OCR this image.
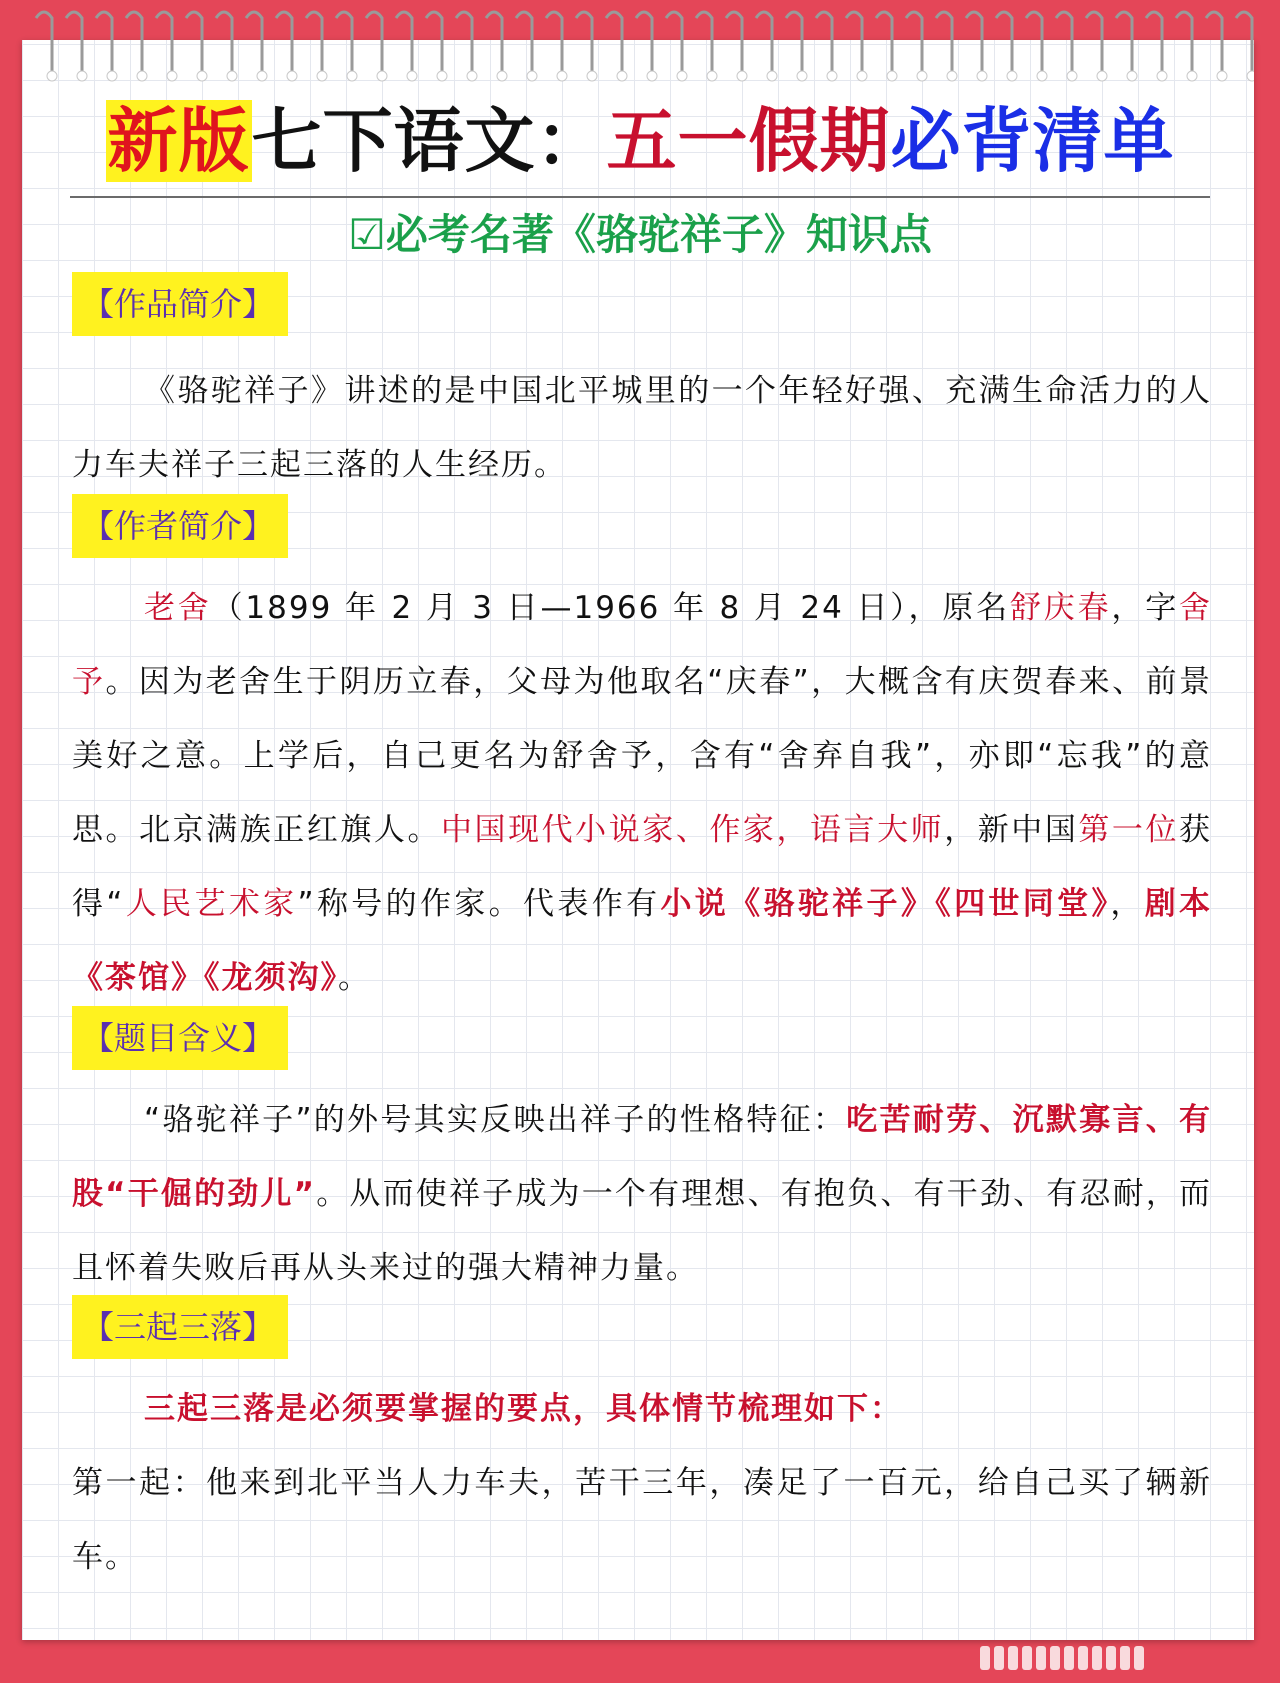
新版七下语文：五一假期必背清单
☑必考名著《骆驼祥子》知识点
【作品简介】

《骆驼祥子》讲述的是中国北平城里的一个年轻好强、充满生命活力的人力车夫祥子三起三落的人生经历。

【作者简介】

老舍（1899 年 2 月 3 日—1966 年 8 月 24 日），原名舒庆春，字舍予。因为老舍生于阴历立春，父母为他取名“庆春”，大概含有庆贺春来、前景美好之意。上学后，自己更名为舒舍予，含有“舍弃自我”，亦即“忘我”的意思。北京满族正红旗人。中国现代小说家、作家，语言大师，新中国第一位获得“人民艺术家”称号的作家。代表作有小说《骆驼祥子》《四世同堂》，剧本《茶馆》《龙须沟》。

【题目含义】

“骆驼祥子”的外号其实反映出祥子的性格特征：吃苦耐劳、沉默寡言、有股“干倔的劲儿”。从而使祥子成为一个有理想、有抱负、有干劲、有忍耐，而且怀着失败后再从头来过的强大精神力量。

【三起三落】

三起三落是必须要掌握的要点，具体情节梳理如下：

第一起：他来到北平当人力车夫，苦干三年，凑足了一百元，给自己买了辆新车。
